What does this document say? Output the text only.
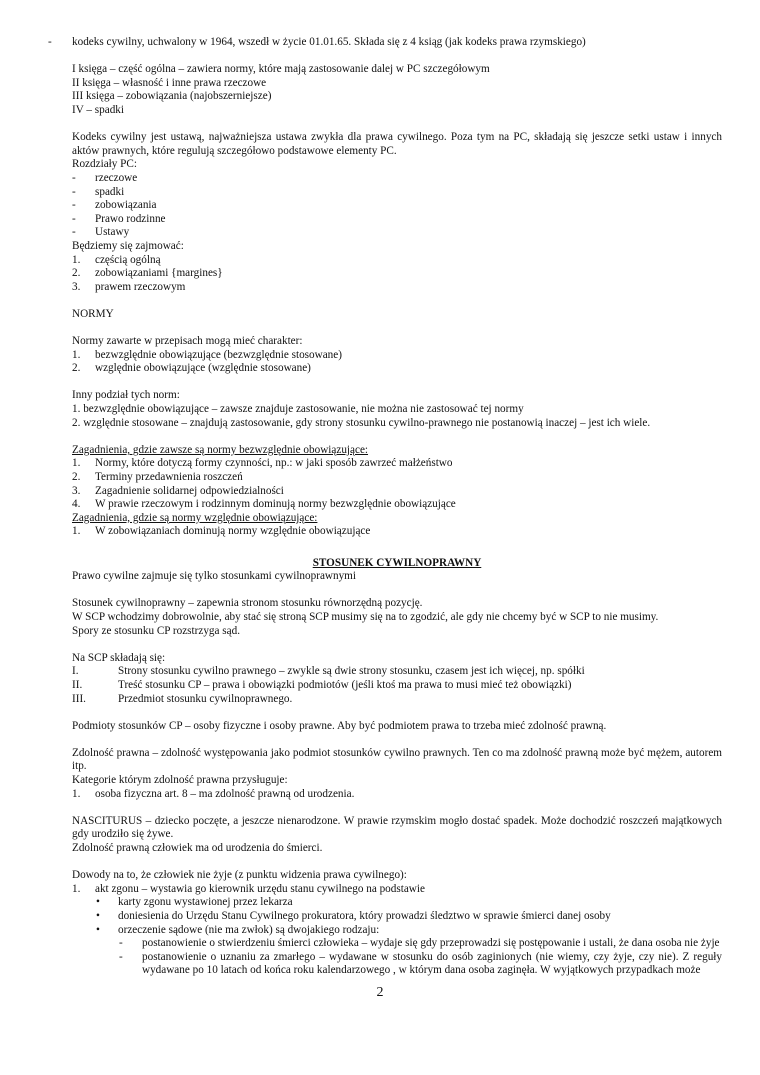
-	kodeks cywilny, uchwalony w 1964, wszedł w życie 01.01.65. Składa się z 4 ksiąg (jak kodeks prawa rzymskiego)

I księga – część ogólna – zawiera normy, które mają zastosowanie dalej w PC szczegółowym

II księga – własność i inne prawa rzeczowe

III księga – zobowiązania (najobszerniejsze)

IV – spadki

Kodeks cywilny jest ustawą, najważniejsza ustawa zwykła dla prawa cywilnego. Poza tym na PC, składają się jeszcze setki ustaw i innych aktów prawnych, które regulują szczegółowo podstawowe elementy PC.

Rozdziały PC:

-	rzeczowe
-	spadki
-	zobowiązania
-	Prawo rodzinne
-	Ustawy

Będziemy się zajmować:

1.	częścią ogólną
2.	zobowiązaniami {margines}
3.	prawem rzeczowym

NORMY

Normy zawarte w przepisach mogą mieć charakter:

1.	bezwzględnie obowiązujące (bezwzględnie stosowane)
2.	względnie obowiązujące (względnie stosowane)

Inny podział tych norm:

1. bezwzględnie obowiązujące – zawsze znajduje zastosowanie, nie można nie zastosować tej normy

2. względnie stosowane – znajdują zastosowanie, gdy strony stosunku cywilno-prawnego nie postanowią inaczej – jest ich wiele.

Zagadnienia, gdzie zawsze są normy bezwzględnie obowiązujące:

1.	Normy, które dotyczą formy czynności, np.: w jaki sposób zawrzeć małżeństwo
2.	Terminy przedawnienia roszczeń
3.	Zagadnienie solidarnej odpowiedzialności
4.	W prawie rzeczowym i rodzinnym dominują normy bezwzględnie obowiązujące

Zagadnienia, gdzie są normy względnie obowiązujące:

1.	W zobowiązaniach dominują normy względnie obowiązujące

STOSUNEK CYWILNOPRAWNY

Prawo cywilne zajmuje się tylko stosunkami cywilnoprawnymi

Stosunek cywilnoprawny – zapewnia stronom stosunku równorzędną pozycję.

W SCP wchodzimy dobrowolnie, aby stać się stroną SCP musimy się na to zgodzić, ale gdy nie chcemy być w SCP to nie musimy.

Spory ze stosunku CP rozstrzyga sąd.

Na SCP składają się:

I.	Strony stosunku cywilno prawnego – zwykle są dwie strony stosunku, czasem jest ich więcej, np. spółki
II.	Treść stosunku CP – prawa i obowiązki podmiotów (jeśli ktoś ma prawa to musi mieć też obowiązki)
III.	Przedmiot stosunku cywilnoprawnego.

Podmioty stosunków CP – osoby fizyczne i osoby prawne. Aby być podmiotem prawa to trzeba mieć zdolność prawną.

Zdolność prawna – zdolność występowania jako podmiot stosunków cywilno prawnych. Ten co ma zdolność prawną może być mężem, autorem itp.

Kategorie którym zdolność prawna przysługuje:

1.	osoba fizyczna art. 8 – ma zdolność prawną od urodzenia.

NASCITURUS – dziecko poczęte, a jeszcze nienarodzone. W prawie rzymskim mogło dostać spadek. Może dochodzić roszczeń majątkowych gdy urodziło się żywe.

Zdolność prawną człowiek ma od urodzenia do śmierci.

Dowody na to, że człowiek nie żyje (z punktu widzenia prawa cywilnego):

1.	akt zgonu – wystawia go kierownik urzędu stanu cywilnego na podstawie
•	karty zgonu wystawionej przez lekarza
•	doniesienia do Urzędu Stanu Cywilnego prokuratora, który prowadzi śledztwo w sprawie śmierci danej osoby
•	orzeczenie sądowe (nie ma zwłok) są dwojakiego rodzaju:
-	postanowienie o stwierdzeniu śmierci człowieka – wydaje się gdy przeprowadzi się postępowanie i ustali, że dana osoba nie żyje
-	postanowienie o uznaniu za zmarłego – wydawane w stosunku do osób zaginionych (nie wiemy, czy żyje, czy nie). Z reguły wydawane po 10 latach od końca roku kalendarzowego , w którym dana osoba zaginęła. W wyjątkowych przypadkach może
2
